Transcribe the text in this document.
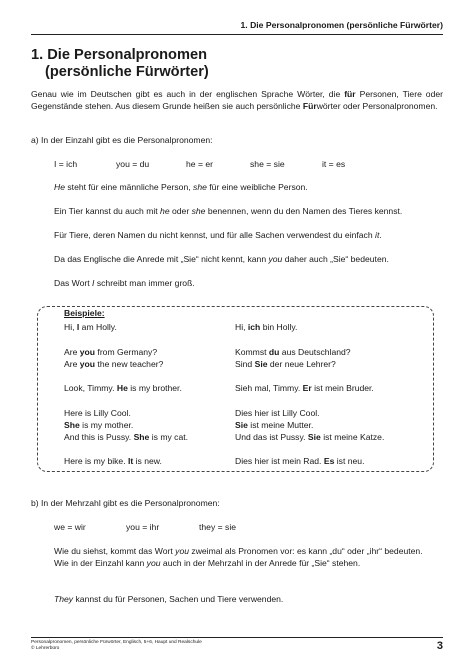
1. Die Personalpronomen (persönliche Fürwörter)
1. Die Personalpronomen
(persönliche Fürwörter)
Genau wie im Deutschen gibt es auch in der englischen Sprache Wörter, die für Personen, Tiere oder Gegenstände stehen. Aus diesem Grunde heißen sie auch persönliche Fürwörter oder Personalpronomen.
a) In der Einzahl gibt es die Personalpronomen:
I = ich	you = du	he = er	she = sie	it = es
He steht für eine männliche Person, she für eine weibliche Person.
Ein Tier kannst du auch mit he oder she benennen, wenn du den Namen des Tieres kennst.
Für Tiere, deren Namen du nicht kennst, und für alle Sachen verwendest du einfach it.
Da das Englische die Anrede mit „Sie“ nicht kennt, kann you daher auch „Sie“ bedeuten.
Das Wort I schreibt man immer groß.
Beispiele:
Hi, I am Holly.	Hi, ich bin Holly.
Are you from Germany?	Kommst du aus Deutschland?
Are you the new teacher?	Sind Sie der neue Lehrer?
Look, Timmy. He is my brother.	Sieh mal, Timmy. Er ist mein Bruder.
Here is Lilly Cool.	Dies hier ist Lilly Cool.
She is my mother.	Sie ist meine Mutter.
And this is Pussy. She is my cat.	Und das ist Pussy. Sie ist meine Katze.
Here is my bike. It is new.	Dies hier ist mein Rad. Es ist neu.
b) In der Mehrzahl gibt es die Personalpronomen:
we = wir	you = ihr	they = sie
Wie du siehst, kommt das Wort you zweimal als Pronomen vor: es kann „du“ oder „ihr“ bedeuten.
Wie in der Einzahl kann you auch in der Mehrzahl in der Anrede für „Sie“ stehen.
They kannst du für Personen, Sachen und Tiere verwenden.
Personalpronomen, persönliche Fürwörter, Englisch, 5+6, Haupt und Realschule
© Lehrerbüro	3
